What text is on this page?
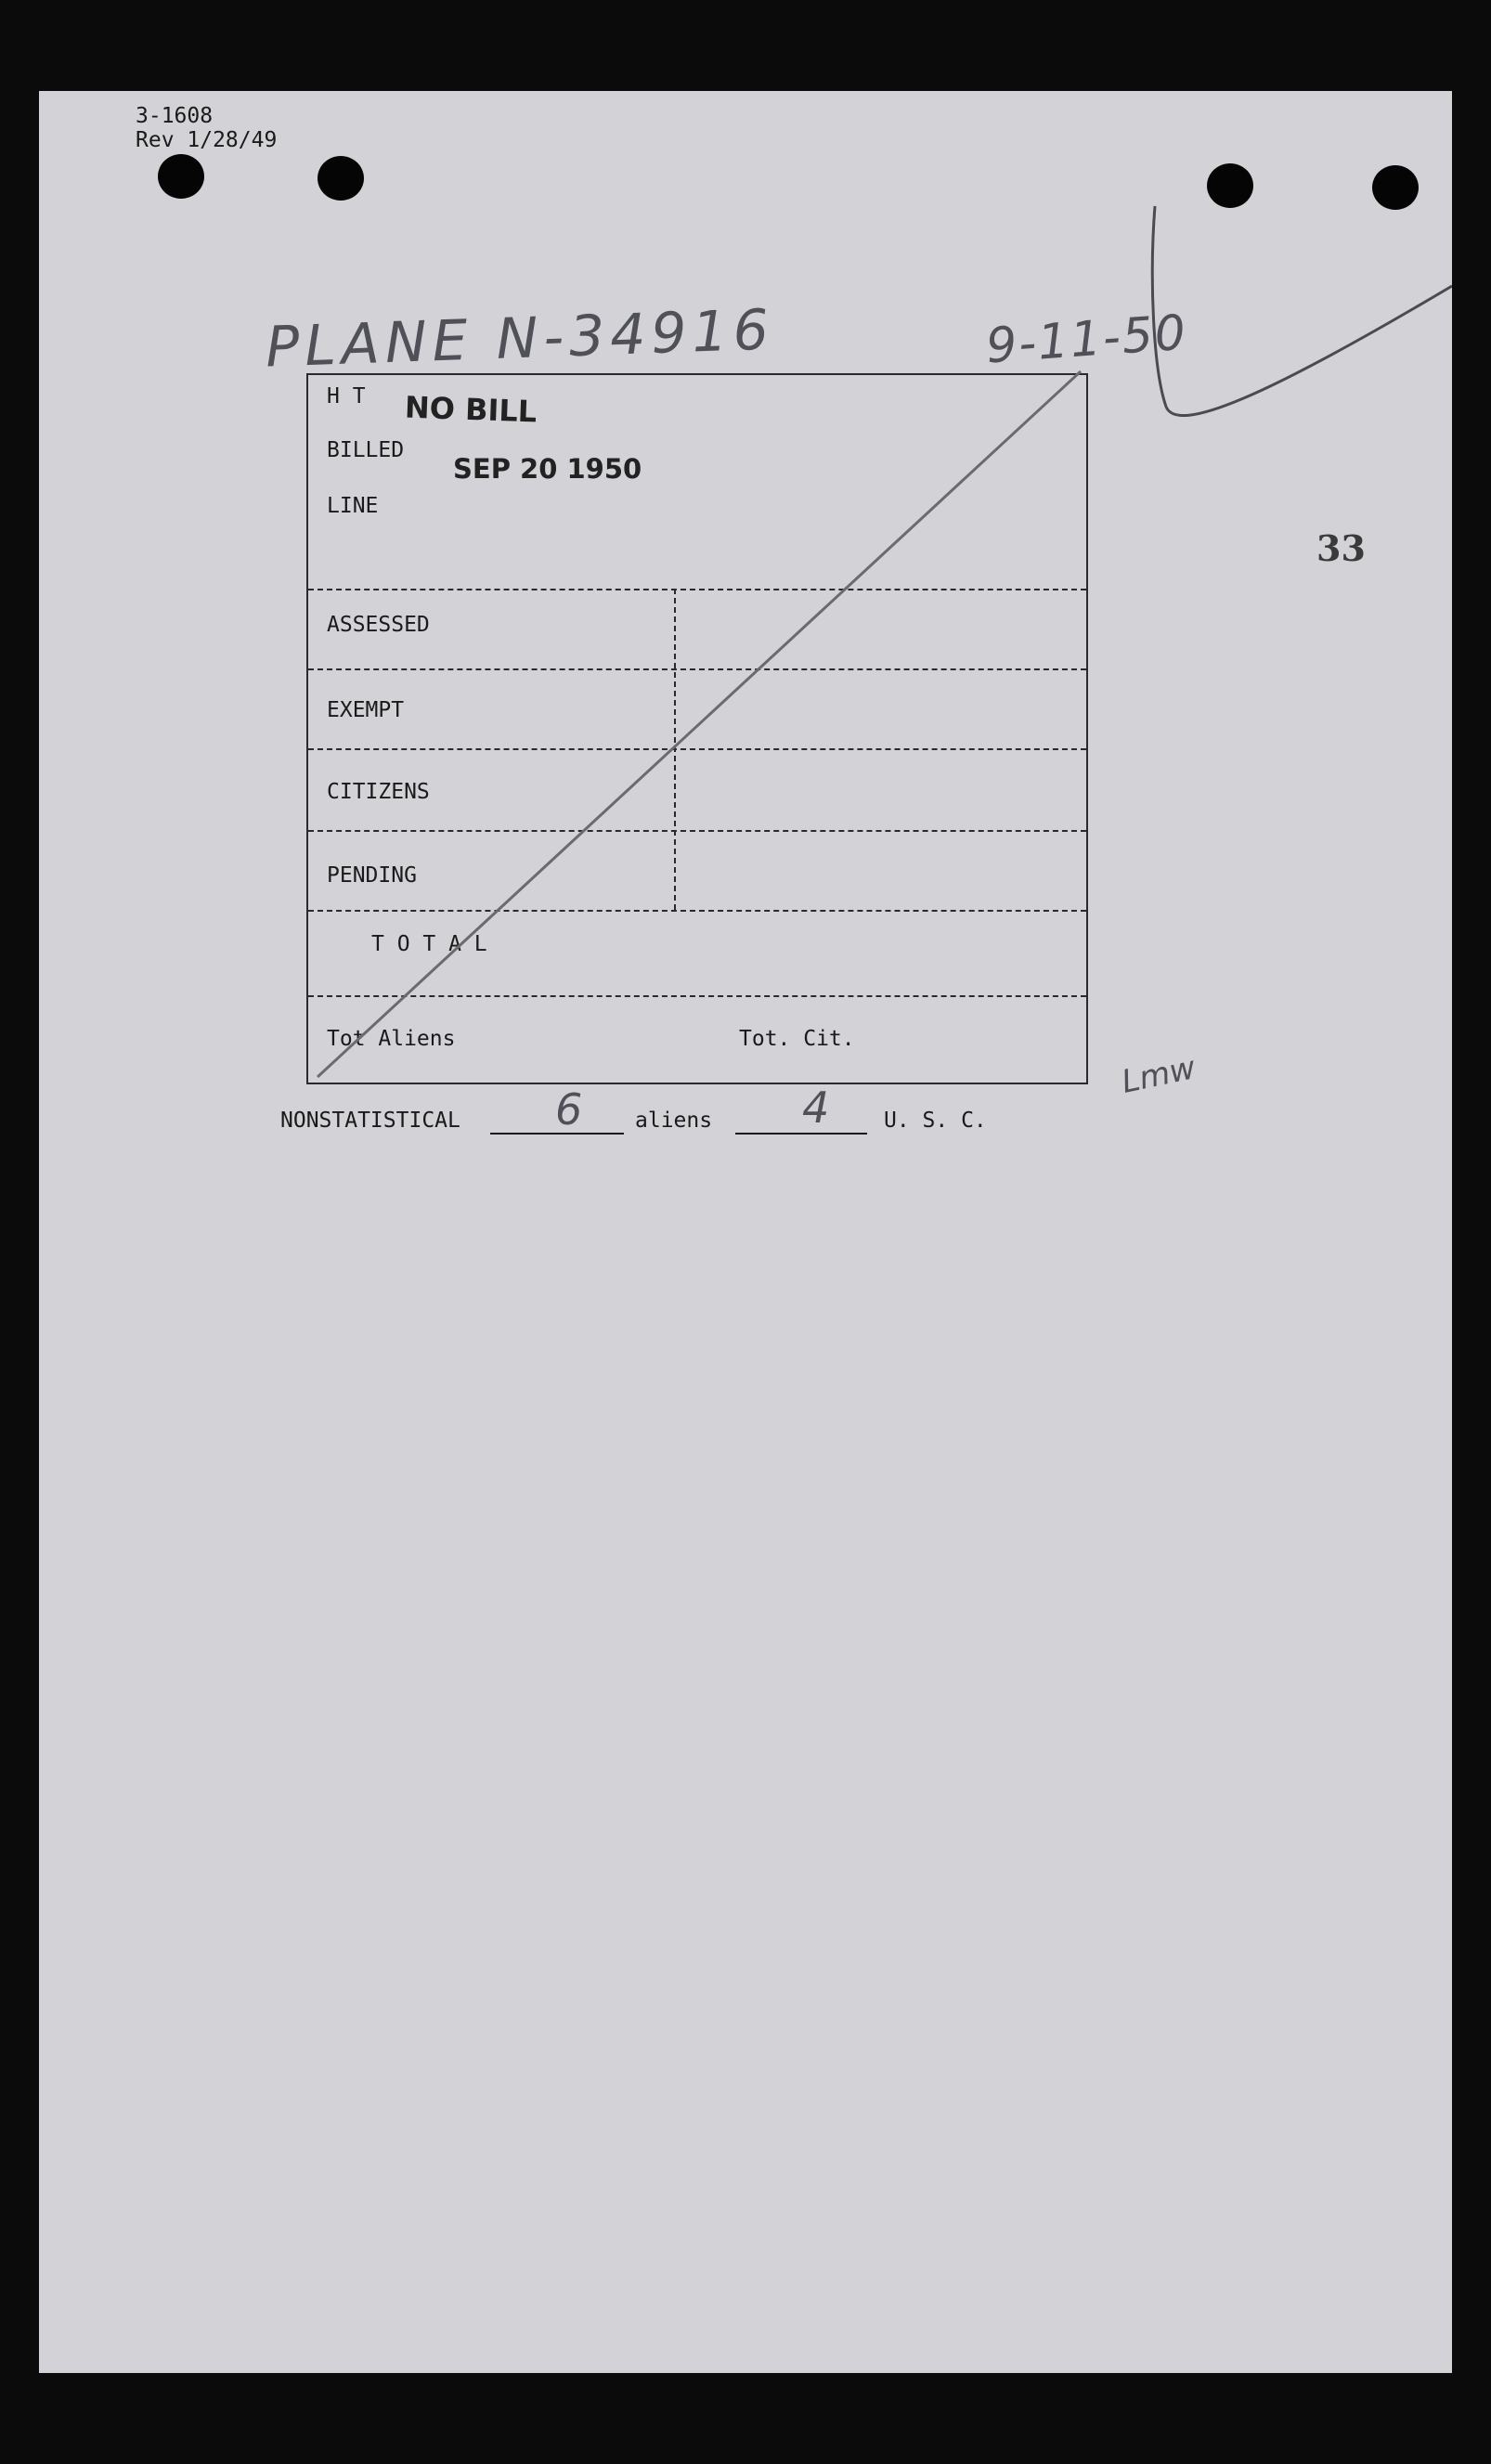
3-1608
Rev 1/28/49
PLANE N-34916	9-11-50
33
H T
BILLED
LINE
ASSESSED
EXEMPT
CITIZENS
PENDING
T O T A L
Tot Aliens	Tot. Cit.
NO BILL
SEP 20 1950
Lmw
NONSTATISTICAL 6 aliens 4	U. S. C.
